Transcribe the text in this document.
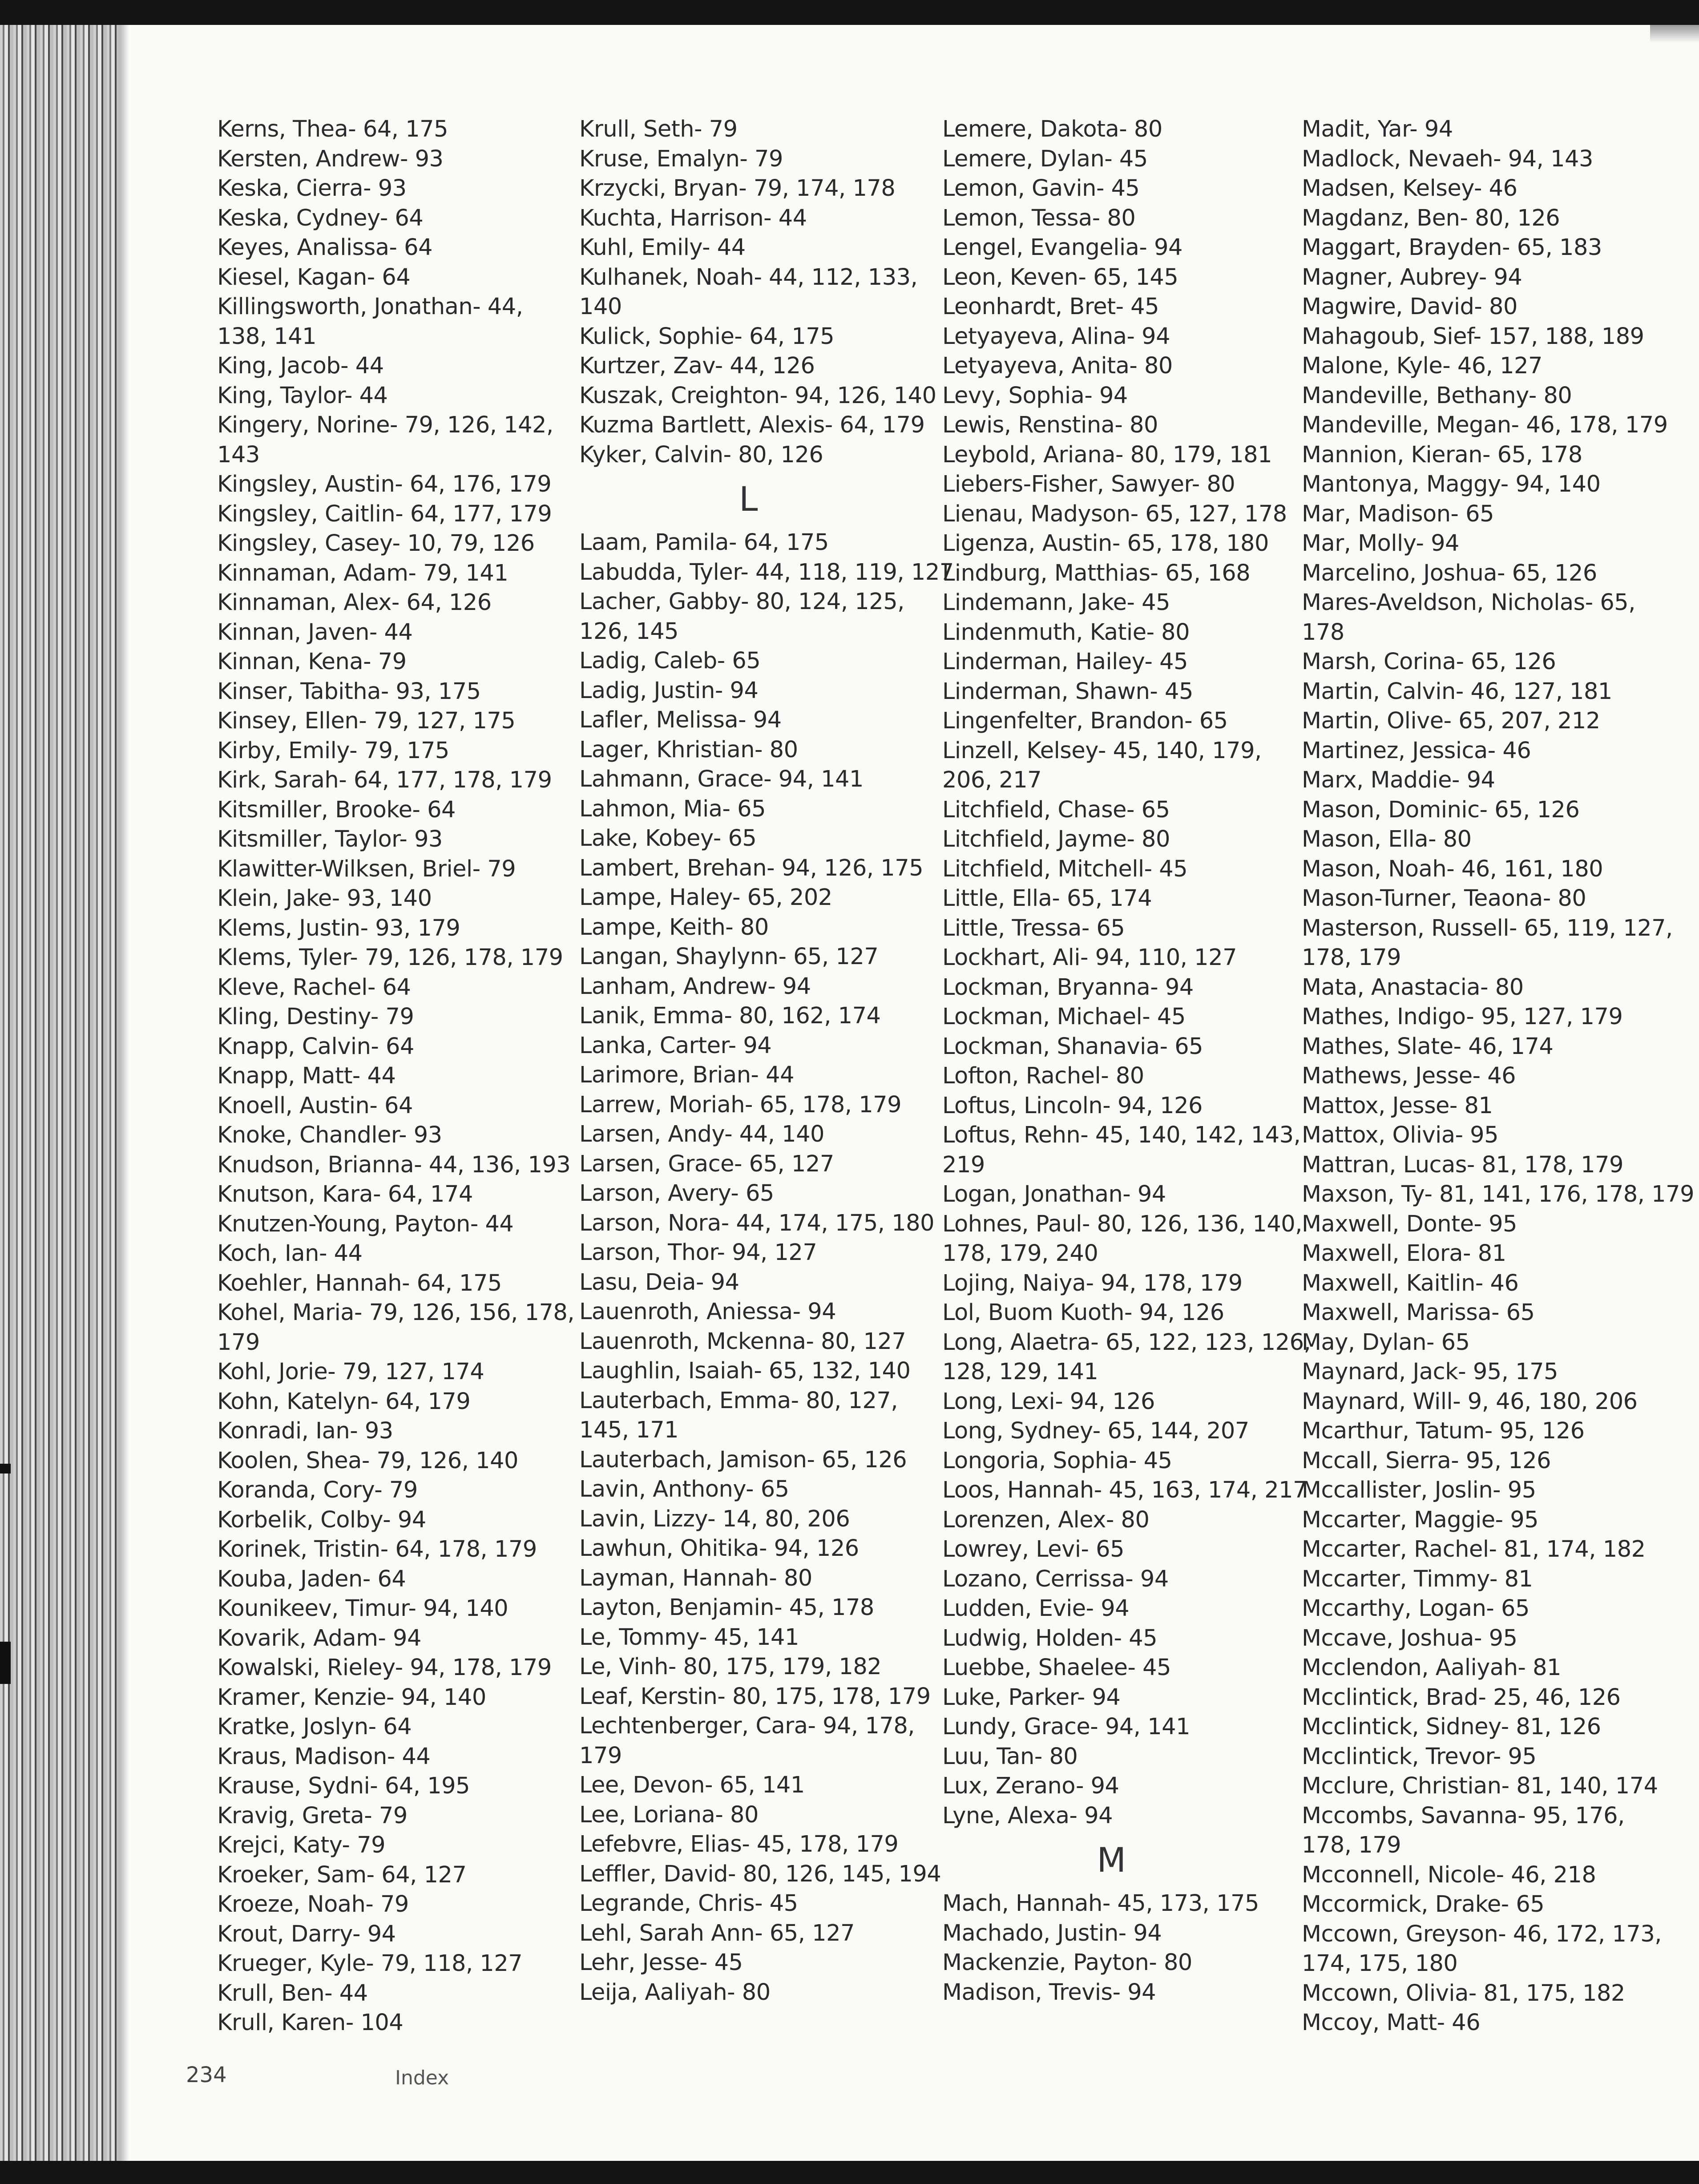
Kerns, Thea- 64, 175
Kersten, Andrew- 93
Keska, Cierra- 93
Keska, Cydney- 64
Keyes, Analissa- 64
Kiesel, Kagan- 64
Killingsworth, Jonathan- 44,
138, 141
King, Jacob- 44
King, Taylor- 44
Kingery, Norine- 79, 126, 142,
143
Kingsley, Austin- 64, 176, 179
Kingsley, Caitlin- 64, 177, 179
Kingsley, Casey- 10, 79, 126
Kinnaman, Adam- 79, 141
Kinnaman, Alex- 64, 126
Kinnan, Javen- 44
Kinnan, Kena- 79
Kinser, Tabitha- 93, 175
Kinsey, Ellen- 79, 127, 175
Kirby, Emily- 79, 175
Kirk, Sarah- 64, 177, 178, 179
Kitsmiller, Brooke- 64
Kitsmiller, Taylor- 93
Klawitter-Wilksen, Briel- 79
Klein, Jake- 93, 140
Klems, Justin- 93, 179
Klems, Tyler- 79, 126, 178, 179
Kleve, Rachel- 64
Kling, Destiny- 79
Knapp, Calvin- 64
Knapp, Matt- 44
Knoell, Austin- 64
Knoke, Chandler- 93
Knudson, Brianna- 44, 136, 193
Knutson, Kara- 64, 174
Knutzen-Young, Payton- 44
Koch, Ian- 44
Koehler, Hannah- 64, 175
Kohel, Maria- 79, 126, 156, 178,
179
Kohl, Jorie- 79, 127, 174
Kohn, Katelyn- 64, 179
Konradi, Ian- 93
Koolen, Shea- 79, 126, 140
Koranda, Cory- 79
Korbelik, Colby- 94
Korinek, Tristin- 64, 178, 179
Kouba, Jaden- 64
Kounikeev, Timur- 94, 140
Kovarik, Adam- 94
Kowalski, Rieley- 94, 178, 179
Kramer, Kenzie- 94, 140
Kratke, Joslyn- 64
Kraus, Madison- 44
Krause, Sydni- 64, 195
Kravig, Greta- 79
Krejci, Katy- 79
Kroeker, Sam- 64, 127
Kroeze, Noah- 79
Krout, Darry- 94
Krueger, Kyle- 79, 118, 127
Krull, Ben- 44
Krull, Karen- 104
Krull, Seth- 79
Kruse, Emalyn- 79
Krzycki, Bryan- 79, 174, 178
Kuchta, Harrison- 44
Kuhl, Emily- 44
Kulhanek, Noah- 44, 112, 133,
140
Kulick, Sophie- 64, 175
Kurtzer, Zav- 44, 126
Kuszak, Creighton- 94, 126, 140
Kuzma Bartlett, Alexis- 64, 179
Kyker, Calvin- 80, 126
L
Laam, Pamila- 64, 175
Labudda, Tyler- 44, 118, 119, 127
Lacher, Gabby- 80, 124, 125,
126, 145
Ladig, Caleb- 65
Ladig, Justin- 94
Lafler, Melissa- 94
Lager, Khristian- 80
Lahmann, Grace- 94, 141
Lahmon, Mia- 65
Lake, Kobey- 65
Lambert, Brehan- 94, 126, 175
Lampe, Haley- 65, 202
Lampe, Keith- 80
Langan, Shaylynn- 65, 127
Lanham, Andrew- 94
Lanik, Emma- 80, 162, 174
Lanka, Carter- 94
Larimore, Brian- 44
Larrew, Moriah- 65, 178, 179
Larsen, Andy- 44, 140
Larsen, Grace- 65, 127
Larson, Avery- 65
Larson, Nora- 44, 174, 175, 180
Larson, Thor- 94, 127
Lasu, Deia- 94
Lauenroth, Aniessa- 94
Lauenroth, Mckenna- 80, 127
Laughlin, Isaiah- 65, 132, 140
Lauterbach, Emma- 80, 127,
145, 171
Lauterbach, Jamison- 65, 126
Lavin, Anthony- 65
Lavin, Lizzy- 14, 80, 206
Lawhun, Ohitika- 94, 126
Layman, Hannah- 80
Layton, Benjamin- 45, 178
Le, Tommy- 45, 141
Le, Vinh- 80, 175, 179, 182
Leaf, Kerstin- 80, 175, 178, 179
Lechtenberger, Cara- 94, 178,
179
Lee, Devon- 65, 141
Lee, Loriana- 80
Lefebvre, Elias- 45, 178, 179
Leffler, David- 80, 126, 145, 194
Legrande, Chris- 45
Lehl, Sarah Ann- 65, 127
Lehr, Jesse- 45
Leija, Aaliyah- 80
Lemere, Dakota- 80
Lemere, Dylan- 45
Lemon, Gavin- 45
Lemon, Tessa- 80
Lengel, Evangelia- 94
Leon, Keven- 65, 145
Leonhardt, Bret- 45
Letyayeva, Alina- 94
Letyayeva, Anita- 80
Levy, Sophia- 94
Lewis, Renstina- 80
Leybold, Ariana- 80, 179, 181
Liebers-Fisher, Sawyer- 80
Lienau, Madyson- 65, 127, 178
Ligenza, Austin- 65, 178, 180
Lindburg, Matthias- 65, 168
Lindemann, Jake- 45
Lindenmuth, Katie- 80
Linderman, Hailey- 45
Linderman, Shawn- 45
Lingenfelter, Brandon- 65
Linzell, Kelsey- 45, 140, 179,
206, 217
Litchfield, Chase- 65
Litchfield, Jayme- 80
Litchfield, Mitchell- 45
Little, Ella- 65, 174
Little, Tressa- 65
Lockhart, Ali- 94, 110, 127
Lockman, Bryanna- 94
Lockman, Michael- 45
Lockman, Shanavia- 65
Lofton, Rachel- 80
Loftus, Lincoln- 94, 126
Loftus, Rehn- 45, 140, 142, 143,
219
Logan, Jonathan- 94
Lohnes, Paul- 80, 126, 136, 140,
178, 179, 240
Lojing, Naiya- 94, 178, 179
Lol, Buom Kuoth- 94, 126
Long, Alaetra- 65, 122, 123, 126,
128, 129, 141
Long, Lexi- 94, 126
Long, Sydney- 65, 144, 207
Longoria, Sophia- 45
Loos, Hannah- 45, 163, 174, 217
Lorenzen, Alex- 80
Lowrey, Levi- 65
Lozano, Cerrissa- 94
Ludden, Evie- 94
Ludwig, Holden- 45
Luebbe, Shaelee- 45
Luke, Parker- 94
Lundy, Grace- 94, 141
Luu, Tan- 80
Lux, Zerano- 94
Lyne, Alexa- 94
M
Mach, Hannah- 45, 173, 175
Machado, Justin- 94
Mackenzie, Payton- 80
Madison, Trevis- 94
Madit, Yar- 94
Madlock, Nevaeh- 94, 143
Madsen, Kelsey- 46
Magdanz, Ben- 80, 126
Maggart, Brayden- 65, 183
Magner, Aubrey- 94
Magwire, David- 80
Mahagoub, Sief- 157, 188, 189
Malone, Kyle- 46, 127
Mandeville, Bethany- 80
Mandeville, Megan- 46, 178, 179
Mannion, Kieran- 65, 178
Mantonya, Maggy- 94, 140
Mar, Madison- 65
Mar, Molly- 94
Marcelino, Joshua- 65, 126
Mares-Aveldson, Nicholas- 65,
178
Marsh, Corina- 65, 126
Martin, Calvin- 46, 127, 181
Martin, Olive- 65, 207, 212
Martinez, Jessica- 46
Marx, Maddie- 94
Mason, Dominic- 65, 126
Mason, Ella- 80
Mason, Noah- 46, 161, 180
Mason-Turner, Teaona- 80
Masterson, Russell- 65, 119, 127,
178, 179
Mata, Anastacia- 80
Mathes, Indigo- 95, 127, 179
Mathes, Slate- 46, 174
Mathews, Jesse- 46
Mattox, Jesse- 81
Mattox, Olivia- 95
Mattran, Lucas- 81, 178, 179
Maxson, Ty- 81, 141, 176, 178, 179
Maxwell, Donte- 95
Maxwell, Elora- 81
Maxwell, Kaitlin- 46
Maxwell, Marissa- 65
May, Dylan- 65
Maynard, Jack- 95, 175
Maynard, Will- 9, 46, 180, 206
Mcarthur, Tatum- 95, 126
Mccall, Sierra- 95, 126
Mccallister, Joslin- 95
Mccarter, Maggie- 95
Mccarter, Rachel- 81, 174, 182
Mccarter, Timmy- 81
Mccarthy, Logan- 65
Mccave, Joshua- 95
Mcclendon, Aaliyah- 81
Mcclintick, Brad- 25, 46, 126
Mcclintick, Sidney- 81, 126
Mcclintick, Trevor- 95
Mcclure, Christian- 81, 140, 174
Mccombs, Savanna- 95, 176,
178, 179
Mcconnell, Nicole- 46, 218
Mccormick, Drake- 65
Mccown, Greyson- 46, 172, 173,
174, 175, 180
Mccown, Olivia- 81, 175, 182
Mccoy, Matt- 46
234	Index
